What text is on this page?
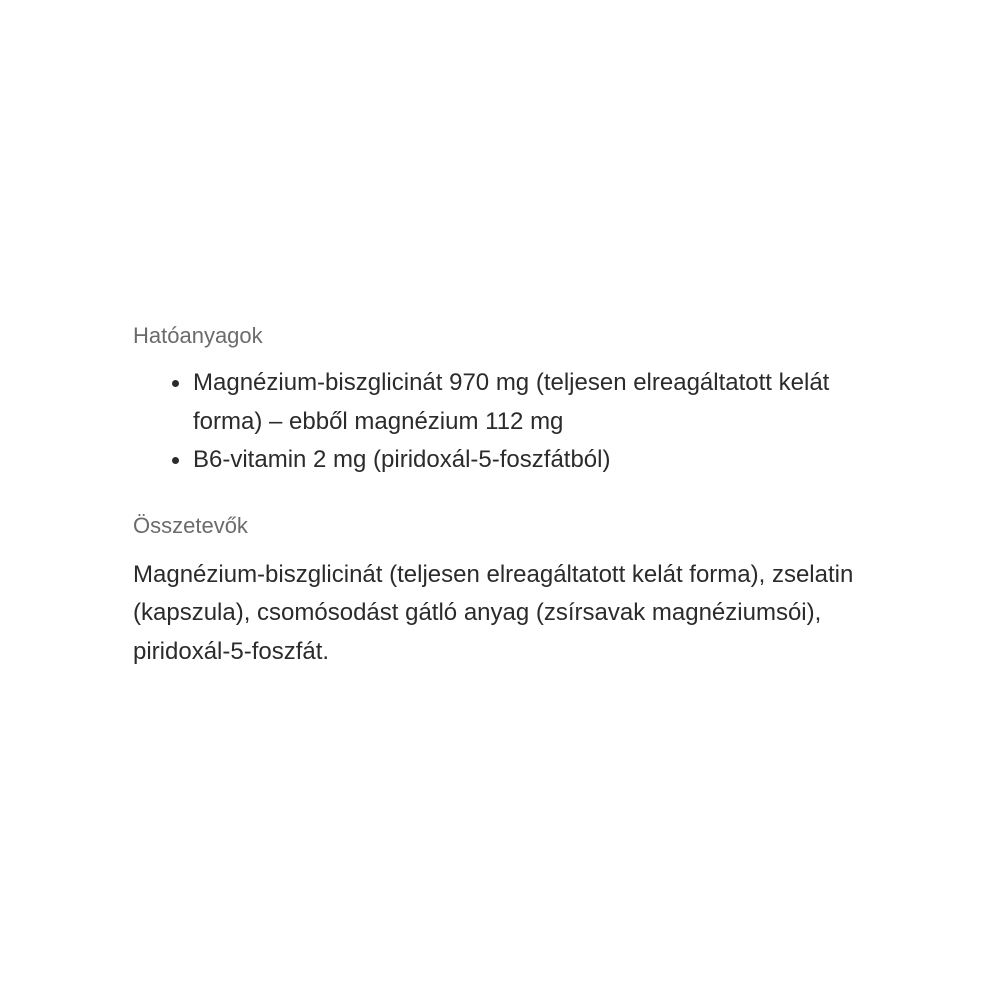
Hatóanyagok
Magnézium-biszglicinát 970 mg (teljesen elreagáltatott kelát forma) – ebből magnézium 112 mg
B6-vitamin 2 mg (piridoxál-5-foszfátból)
Összetevők

Magnézium-biszglicinát (teljesen elreagáltatott kelát forma), zselatin (kapszula), csomósodást gátló anyag (zsírsavak magnéziumsói), piridoxál-5-foszfát.
